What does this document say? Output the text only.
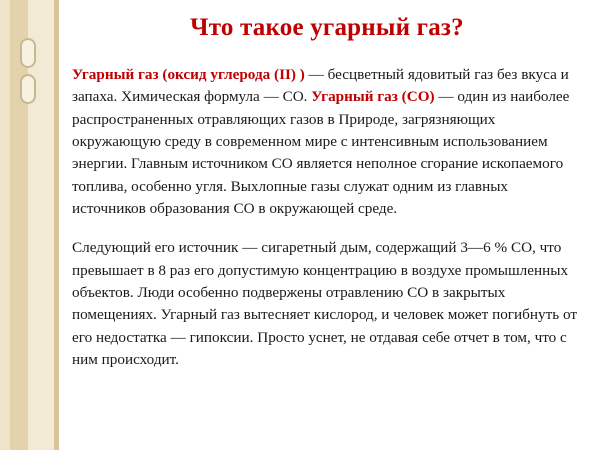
Что такое угарный газ?

Угарный газ (оксид углерода (II) ) — бесцветный ядовитый газ без вкуса и запаха. Химическая формула — СО. Угарный газ (СО) — один из наиболее распространенных отравляющих газов в Природе, загрязняющих окружающую среду в современном мире с интенсивным использованием энергии. Главным источником СО является неполное сгорание ископаемого топлива, особенно угля. Выхлопные газы служат одним из главных источников образования СО в окружающей среде.

Следующий его источник — сигаретный дым, содержащий 3—6 % СО, что превышает в 8 раз его допустимую концентрацию в воздухе промышленных объектов. Люди особенно подвержены отравлению СО в закрытых помещениях. Угарный газ вытесняет кислород, и человек может погибнуть от его недостатка — гипоксии. Просто уснет, не отдавая себе отчет в том, что с ним происходит.
